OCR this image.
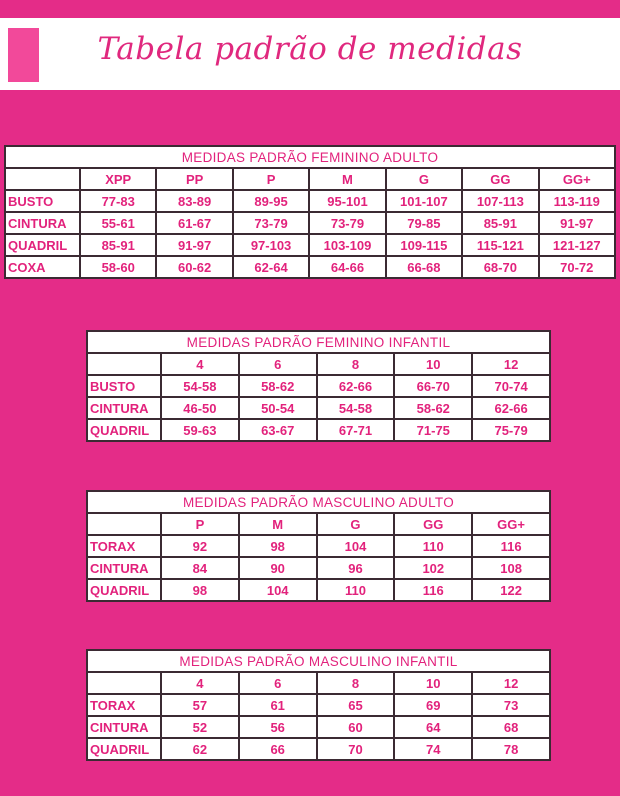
Tabela padrão de medidas
MEDIDAS PADRÃO FEMININO ADULTO							
	XPP	PP	P	M	G	GG	GG+
BUSTO	77-83	83-89	89-95	95-101	101-107	107-113	113-119
CINTURA	55-61	61-67	73-79	73-79	79-85	85-91	91-97
QUADRIL	85-91	91-97	97-103	103-109	109-115	115-121	121-127
COXA	58-60	60-62	62-64	64-66	66-68	68-70	70-72
MEDIDAS PADRÃO FEMININO INFANTIL					
	4	6	8	10	12
BUSTO	54-58	58-62	62-66	66-70	70-74
CINTURA	46-50	50-54	54-58	58-62	62-66
QUADRIL	59-63	63-67	67-71	71-75	75-79
MEDIDAS PADRÃO MASCULINO ADULTO					
	P	M	G	GG	GG+
TORAX	92	98	104	110	116
CINTURA	84	90	96	102	108
QUADRIL	98	104	110	116	122
MEDIDAS PADRÃO MASCULINO INFANTIL					
	4	6	8	10	12
TORAX	57	61	65	69	73
CINTURA	52	56	60	64	68
QUADRIL	62	66	70	74	78
